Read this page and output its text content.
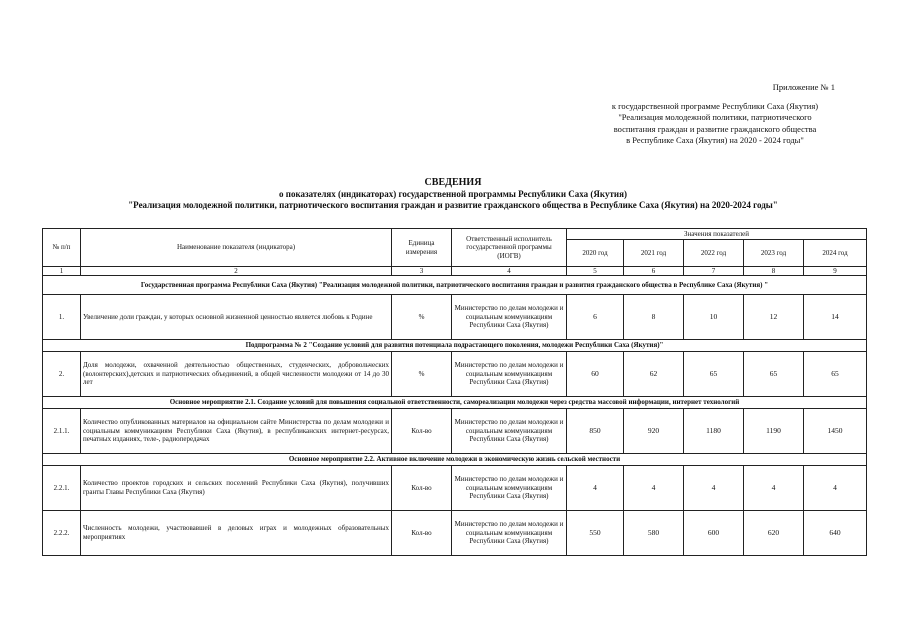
Приложение № 1
к государственной программе Республики Саха (Якутия)
"Реализация молодежной политики, патриотического
воспитания граждан и развитие гражданского общества
в Республике Саха (Якутия) на 2020 - 2024 годы"
СВЕДЕНИЯ
о показателях (индикаторах) государственной программы Республики Саха (Якутия)
"Реализация молодежной политики, патриотического воспитания граждан и развитие гражданского общества в Республике Саха (Якутия) на 2020-2024 годы"
№ п/п	Наименование показателя (индикатора)	Единица измерения	Ответственный исполнитель государственной программы (ИОГВ)	Значения показателей				
				2020 год	2021 год	2022 год	2023 год	2024 год
1	2	3	4	5	6	7	8	9
Государственная программа Республики Саха (Якутия) "Реализация молодежной политики, патриотического воспитания граждан и развития гражданского общества в Республике Саха (Якутия) "								
1.	Увеличение доли граждан, у которых основной жизненной ценностью является любовь к Родине	%	Министерство по делам молодежи и социальным коммуникациям Республики Саха (Якутия)	6	8	10	12	14
Подпрограмма № 2 "Создание условий для развития потенциала подрастающего поколения, молодежи Республики Саха (Якутия)"								
2.	Доля молодежи, охваченной деятельностью общественных, студенческих, добровольческих (волонтерских),детских и патриотических объединений, в общей численности молодежи от 14 до 30 лет	%	Министерство по делам молодежи и социальным коммуникациям Республики Саха (Якутия)	60	62	65	65	65
Основное мероприятие 2.1. Создание условий для повышения социальной ответственности, самореализации молодежи через средства массовой информации, интернет технологий								
2.1.1.	Количество опубликованных материалов на официальном сайте Министерства по делам молодежи и социальным коммуникациям Республики Саха (Якутия), в республиканских интернет-ресурсах, печатных изданиях, теле-, радиопередачах	Кол-во	Министерство по делам молодежи и социальным коммуникациям Республики Саха (Якутия)	850	920	1180	1190	1450
Основное мероприятие 2.2. Активное включение молодежи в экономическую жизнь сельской местности								
2.2.1.	Количество проектов городских и сельских поселений Республики Саха (Якутия), получивших гранты Главы Республики Саха (Якутия)	Кол-во	Министерство по делам молодежи и социальным коммуникациям Республики Саха (Якутия)	4	4	4	4	4
2.2.2.	Численность молодежи, участвовавшей в деловых играх и молодежных образовательных мероприятиях	Кол-во	Министерство по делам молодежи и социальным коммуникациям Республики Саха (Якутия)	550	580	600	620	640
